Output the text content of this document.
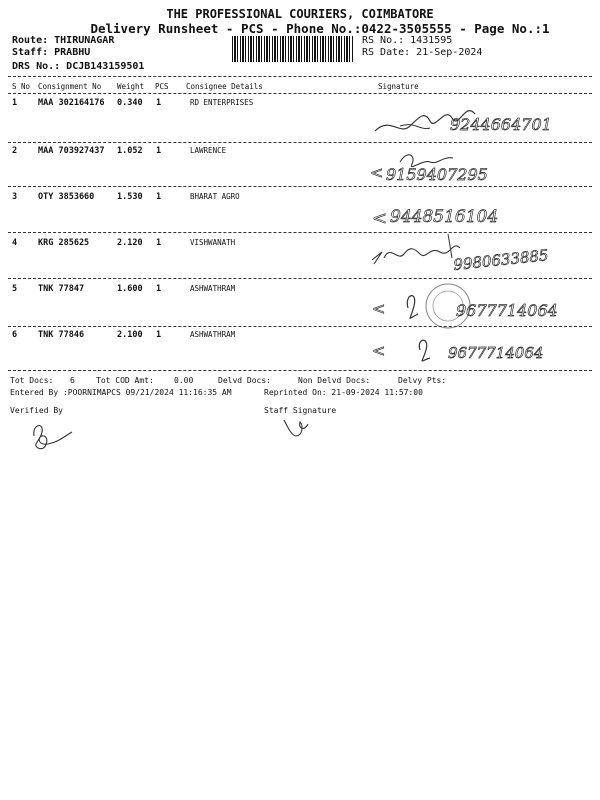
THE PROFESSIONAL COURIERS, COIMBATORE
Delivery Runsheet - PCS - Phone No.:0422-3505555 - Page No.:1
Route: THIRUNAGAR
Staff: PRABHU
DRS No.: DCJB143159501
RS No.: 1431595
RS Date: 21-Sep-2024
S No Consignment No Weight PCS Consignee Details	Signature
1 MAA 302164176 0.340 1	RD ENTERPRISES
9244664701
2 MAA 703927437 1.052 1	LAWRENCE
< 9159407295
3 OTY 3853660	1.530 1	BHARAT AGRO
< 9448516104
4 KRG 285625	2.120 1	VISHWANATH
9980633885
5 TNK 77847	1.600 1	ASHWATHRAM
<	9677714064
6 TNK 77846	2.100 1	ASHWATHRAM
<	9677714064
Tot Docs: 6	Tot COD Amt:	0.00	Delvd Docs:	Non Delvd Docs:	Delvy Pts:
Entered By :POORNIMAPCS 09/21/2024 11:16:35 AM	Reprinted On: 21-09-2024 11:57:00
Verified By	Staff Signature
